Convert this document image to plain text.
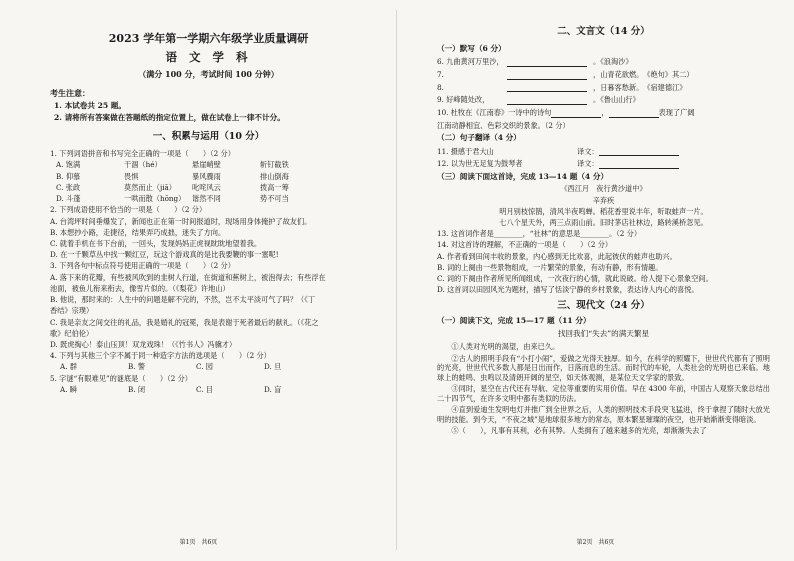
2023 学年第一学期六年级学业质量调研
语 文 学 科
（满分 100 分，考试时间 100 分钟）
考生注意：
1. 本试卷共 25 题。
2. 请将所有答案做在答题纸的指定位置上，做在试卷上一律不计分。
一、积累与运用（10 分）
1. 下列词语拼音和书写完全正确的一项是（　　）（2 分）
A. 饱满	干涸（hé）	悬崖峭壁	斩钉截铁
B. 仰慕	畏惧	暴风骤雨	排山倒海
C. 张政	莫然而止（jiā）	叱咤风云	拨高一筹
D. 斗蓬	一哄而散（hōng） 谐然不同	势不可当
2. 下列成语使用不恰当的一项是（　　）（2 分）
A. 台湾坪时间垂爆发了，新闻也正在第一时间报道时，现场用身体掩护了故友们。
B. 本想抄小路，走捷径，结果弄巧成拙，迷失了方向。
C. 就着手机在书下台前，一回头，发现妈妈正虎视眈眈地望着我。
D. 在一千颗草丛中找一颗红豆，玩这个游戏真的是比我要鞭的事一塞呢!
3. 下列各句中标点符号使用正确的一项是（　　）（2 分）
A. 落下来的花瓣，有些被风吹到的韭树人行道，在街道和蕉树上，被泡得去；有些浮在
池面，被鱼儿衔来衔去，像雪片似的。（《梨花》许地山）
B. 他说，那时来的：人生中的问题是解不完的，不然，岂不太平淡可气了吗？（《丁
香结》宗璞）
C. 我是亲友之间交往的礼品，我是婚礼的冠冕，我是表谢于死者最后的献礼。（《花之
歌》纪伯伦）
D. 既虎掏心！泰山压顶！双龙戏珠！（《竹书人》冯骥才）
4. 下列与其他三个字不属于同一种造字方法的选项是（　　）（2 分）
A. 群	B. 警	C. 园	D. 旦
5. 字谜“有眼难见”的谜底是（　　）（2 分）
A. 瞬	B. 闭	C. 目	D. 盲
第1页　共6页
二、文言文（14 分）
（一）默写（6 分）
6. 九曲黄河万里沙，	。《浪淘沙》
7.	，山青花欲燃。　《绝句》其二）
8.	，日暮客愁新。　《宿建德江》
9. 好峰随处改，	。《鲁山山行》
10. 杜牧在《江南春》一诗中的诗句	，	表现了广阔
江南动静相宜、色彩交织的景象。（2 分）
（二）句子翻译（4 分）
11. 摄感于君大山	译文：
12. 以为世无足复为鼓琴者	译文：
（三）阅读下面这首诗，完成 13—14 题（4 分）
《西江月　夜行黄沙道中》
辛弃疾
明月别枝惊鹊，清风半夜鸣蝉。稻花香里说丰年，听取蛙声一片。
七八个星天外，两三点雨山前。旧时茅店社林边，路转溪桥忽见。
13. 这首词作者是________，“社林”的意思是________。（2 分）
14. 对这首诗的理解，不正确的一项是（　　）（2 分）
A. 作者看到田间丰收的景象，内心感到无比欢喜，此起彼伏的蛙声也助兴。
B. 词的上阕由一些景物组成，一片繁荣的景象，有动有静，形有情趣。
C. 词的下阕由作者所见所闻组成，一次夜行的心情，就此说破。给人提下心景象空间。
D. 这首词以田园风光为题材，描写了恬淡宁静的乡村景象，表达诗人内心的喜悦。
三、现代文（24 分）
（一）阅读下文，完成 15—17 题（11 分）
找回我们“失去”的满天繁星
①人类对光明的渴望，由来已久。
②古人的照明手段有“小打小闹”，爱做之光得天独厚。如今，在科学的照耀下，世世代代都有了照明的光亮，世世代代多数人都是日出而作，日落而息的生活。而时代的车轮，人类社会的光明也已来临。地球上的蛙鸣、虫鸣以及清朗开阔的星空，如天体观测，是某位天文学家的景致。
③同时，星空在古代还有导航、定位等重要的实用价值。早在 4300 年前，中国古人观察天象总结出二十四节气，在许多文明中都有类似的历法。
④直到爱迪生发明电灯并推广到全世界之后，人类的照明技术手段突飞猛进，终于拿捏了随时大放光明的技能。到今天，“不夜之城”是地球很多地方的常态，原本繁星璀璨的夜空，也开始渐渐变得暗淡。
⑤（　　），凡事有其利，必有其弊。人类拥有了越来越多的光亮，却渐渐失去了
第2页　共6页
